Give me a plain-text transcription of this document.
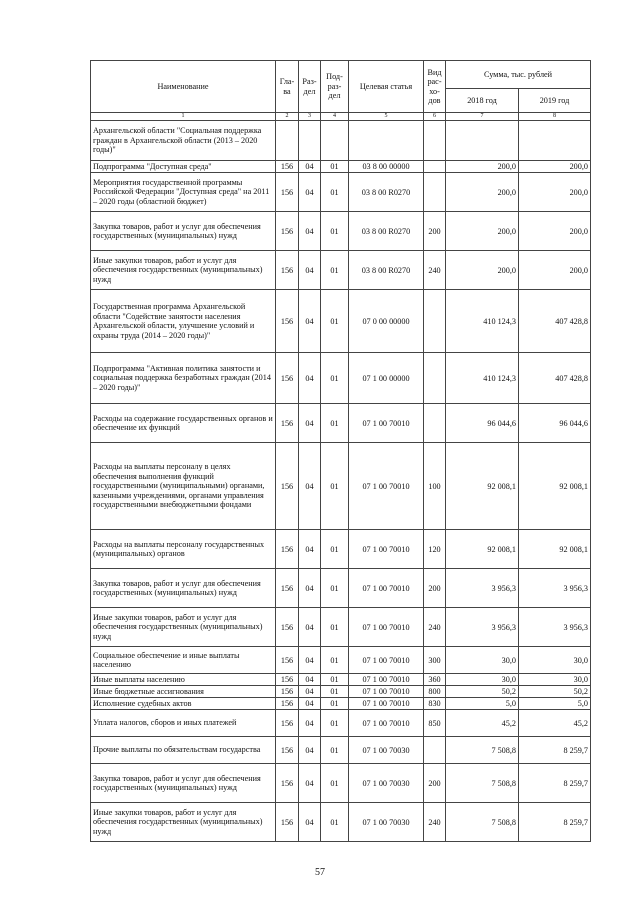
Наименование	Гла-ва	Раз-дел	Под-раз-дел	Целевая статья	Вид рас-хо-дов	Сумма, тыс. рублей	
						2018 год	2019 год
1	2	3	4	5	6	7	8
Архангельской области "Социальная поддержка граждан в Архангельской области (2013 – 2020 годы)"							
Подпрограмма "Доступная среда"	156	04	01	03 8 00 00000		200,0	200,0
Мероприятия государственной программы Российской Федерации "Доступная среда" на 2011 – 2020 годы (областной бюджет)	156	04	01	03 8 00 R0270		200,0	200,0
Закупка товаров, работ и услуг для обеспечения государственных (муниципальных) нужд	156	04	01	03 8 00 R0270	200	200,0	200,0
Иные закупки товаров, работ и услуг для обеспечения государственных (муниципальных) нужд	156	04	01	03 8 00 R0270	240	200,0	200,0
Государственная программа Архангельской области "Содействие занятости населения Архангельской области, улучшение условий и охраны труда (2014 – 2020 годы)"	156	04	01	07 0 00 00000		410 124,3	407 428,8
Подпрограмма "Активная политика занятости и социальная поддержка безработных граждан (2014 – 2020 годы)"	156	04	01	07 1 00 00000		410 124,3	407 428,8
Расходы на содержание государственных органов и обеспечение их функций	156	04	01	07 1 00 70010		96 044,6	96 044,6
Расходы на выплаты персоналу в целях обеспечения выполнения функций государственными (муниципальными) органами, казенными учреждениями, органами управления государственными внебюджетными фондами	156	04	01	07 1 00 70010	100	92 008,1	92 008,1
Расходы на выплаты персоналу государственных (муниципальных) органов	156	04	01	07 1 00 70010	120	92 008,1	92 008,1
Закупка товаров, работ и услуг для обеспечения государственных (муниципальных) нужд	156	04	01	07 1 00 70010	200	3 956,3	3 956,3
Иные закупки товаров, работ и услуг для обеспечения государственных (муниципальных) нужд	156	04	01	07 1 00 70010	240	3 956,3	3 956,3
Социальное обеспечение и иные выплаты населению	156	04	01	07 1 00 70010	300	30,0	30,0
Иные выплаты населению	156	04	01	07 1 00 70010	360	30,0	30,0
Иные бюджетные ассигнования	156	04	01	07 1 00 70010	800	50,2	50,2
Исполнение судебных актов	156	04	01	07 1 00 70010	830	5,0	5,0
Уплата налогов, сборов и иных платежей	156	04	01	07 1 00 70010	850	45,2	45,2
Прочие выплаты по обязательствам государства	156	04	01	07 1 00 70030		7 508,8	8 259,7
Закупка товаров, работ и услуг для обеспечения государственных (муниципальных) нужд	156	04	01	07 1 00 70030	200	7 508,8	8 259,7
Иные закупки товаров, работ и услуг для обеспечения государственных (муниципальных) нужд	156	04	01	07 1 00 70030	240	7 508,8	8 259,7
57
